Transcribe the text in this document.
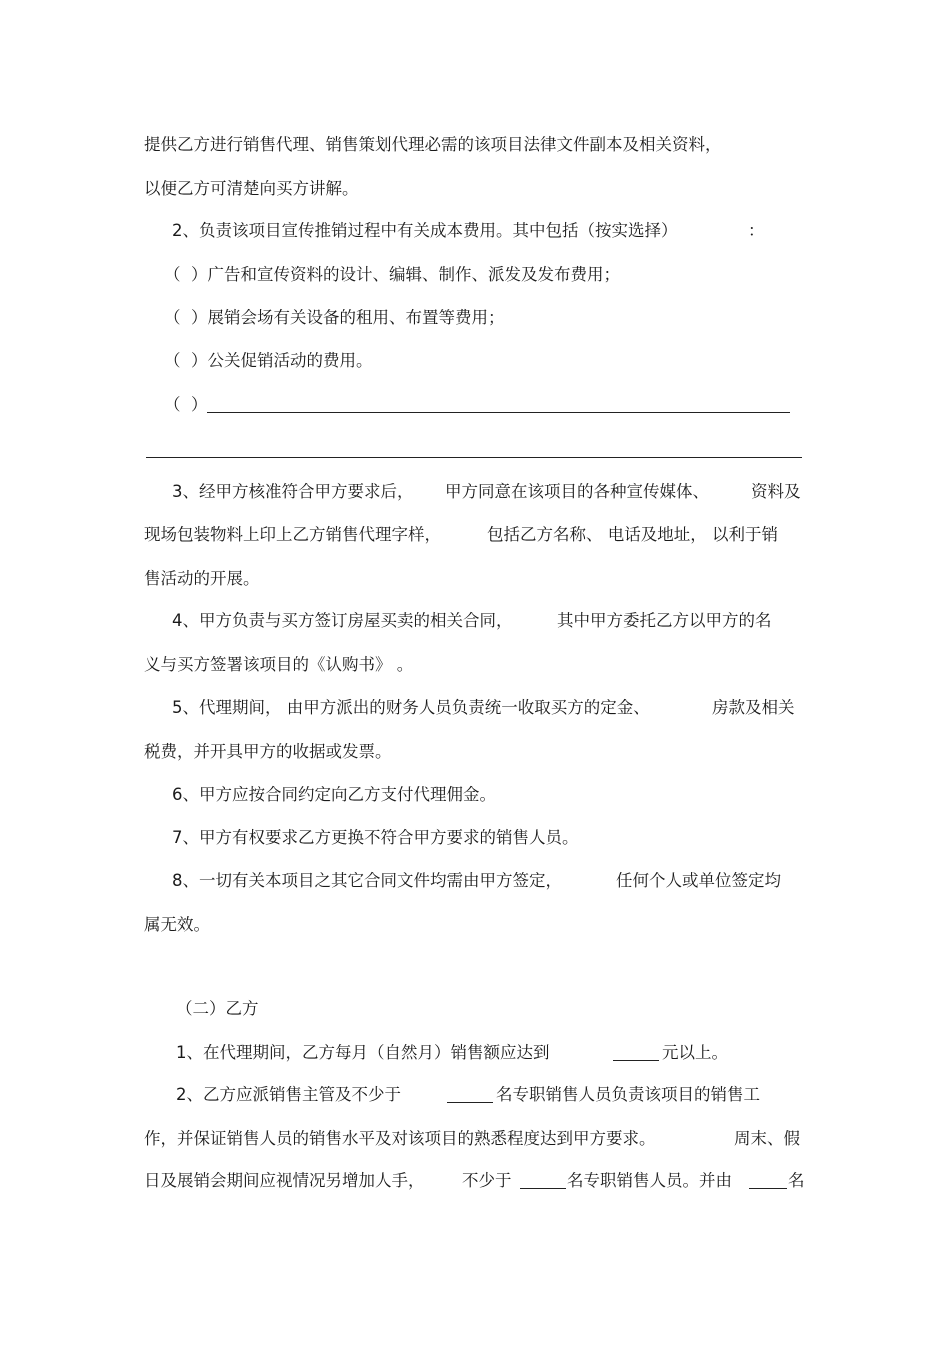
提供乙方进行销售代理、销售策划代理必需的该项目法律文件副本及相关资料，
以便乙方可清楚向买方讲解。
2、负责该项目宣传推销过程中有关成本费用。其中包括（按实选择）	：
（  ）广告和宣传资料的设计、编辑、制作、派发及发布费用；
（  ）展销会场有关设备的租用、布置等费用；
（  ）公关促销活动的费用。
（  ）
3、经甲方核准符合甲方要求后， 甲方同意在该项目的各种宣传媒体、	资料及
现场包装物料上印上乙方销售代理字样，	包括乙方名称、 电话及地址， 以利于销
售活动的开展。
4、甲方负责与买方签订房屋买卖的相关合同，	其中甲方委托乙方以甲方的名
义与买方签署该项目的《认购书》 。
5、代理期间， 由甲方派出的财务人员负责统一收取买方的定金、	房款及相关
税费，并开具甲方的收据或发票。
6、甲方应按合同约定向乙方支付代理佣金。
7、甲方有权要求乙方更换不符合甲方要求的销售人员。
8、一切有关本项目之其它合同文件均需由甲方签定，	任何个人或单位签定均
属无效。
（二）乙方
1、在代理期间，乙方每月（自然月）销售额应达到	元以上。
2、乙方应派销售主管及不少于	名专职销售人员负责该项目的销售工
作，并保证销售人员的销售水平及对该项目的熟悉程度达到甲方要求。	周末、假
日及展销会期间应视情况另增加人手， 不少于	名专职销售人员。并由	名
